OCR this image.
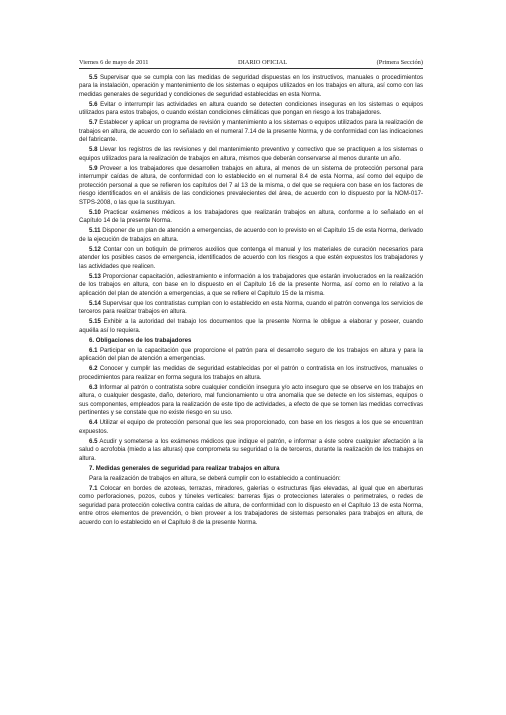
Viernes 6 de mayo de 2011	DIARIO OFICIAL	(Primera Sección)

5.5 Supervisar que se cumpla con las medidas de seguridad dispuestas en los instructivos, manuales o procedimientos para la instalación, operación y mantenimiento de los sistemas o equipos utilizados en los trabajos en altura, así como con las medidas generales de seguridad y condiciones de seguridad establecidas en esta Norma.

5.6 Evitar o interrumpir las actividades en altura cuando se detecten condiciones inseguras en los sistemas o equipos utilizados para estos trabajos, o cuando existan condiciones climáticas que pongan en riesgo a los trabajadores.

5.7 Establecer y aplicar un programa de revisión y mantenimiento a los sistemas o equipos utilizados para la realización de trabajos en altura, de acuerdo con lo señalado en el numeral 7.14 de la presente Norma, y de conformidad con las indicaciones del fabricante.

5.8 Llevar los registros de las revisiones y del mantenimiento preventivo y correctivo que se practiquen a los sistemas o equipos utilizados para la realización de trabajos en altura, mismos que deberán conservarse al menos durante un año.

5.9 Proveer a los trabajadores que desarrollen trabajos en altura, al menos de un sistema de protección personal para interrumpir caídas de altura, de conformidad con lo establecido en el numeral 8.4 de esta Norma, así como del equipo de protección personal a que se refieren los capítulos del 7 al 13 de la misma, o del que se requiera con base en los factores de riesgo identificados en el análisis de las condiciones prevalecientes del área, de acuerdo con lo dispuesto por la NOM-017-STPS-2008, o las que la sustituyan.

5.10 Practicar exámenes médicos a los trabajadores que realizarán trabajos en altura, conforme a lo señalado en el Capítulo 14 de la presente Norma.

5.11 Disponer de un plan de atención a emergencias, de acuerdo con lo previsto en el Capítulo 15 de esta Norma, derivado de la ejecución de trabajos en altura.

5.12 Contar con un botiquín de primeros auxilios que contenga el manual y los materiales de curación necesarios para atender los posibles casos de emergencia, identificados de acuerdo con los riesgos a que estén expuestos los trabajadores y las actividades que realicen.

5.13 Proporcionar capacitación, adiestramiento e información a los trabajadores que estarán involucrados en la realización de los trabajos en altura, con base en lo dispuesto en el Capítulo 16 de la presente Norma, así como en lo relativo a la aplicación del plan de atención a emergencias, a que se refiere el Capítulo 15 de la misma.

5.14 Supervisar que los contratistas cumplan con lo establecido en esta Norma, cuando el patrón convenga los servicios de terceros para realizar trabajos en altura.

5.15 Exhibir a la autoridad del trabajo los documentos que la presente Norma le obligue a elaborar y poseer, cuando aquélla así lo requiera.

6. Obligaciones de los trabajadores

6.1 Participar en la capacitación que proporcione el patrón para el desarrollo seguro de los trabajos en altura y para la aplicación del plan de atención a emergencias.

6.2 Conocer y cumplir las medidas de seguridad establecidas por el patrón o contratista en los instructivos, manuales o procedimientos para realizar en forma segura los trabajos en altura.

6.3 Informar al patrón o contratista sobre cualquier condición insegura y/o acto inseguro que se observe en los trabajos en altura, o cualquier desgaste, daño, deterioro, mal funcionamiento u otra anomalía que se detecte en los sistemas, equipos o sus componentes, empleados para la realización de este tipo de actividades, a efecto de que se tomen las medidas correctivas pertinentes y se constate que no existe riesgo en su uso.

6.4 Utilizar el equipo de protección personal que les sea proporcionado, con base en los riesgos a los que se encuentran expuestos.

6.5 Acudir y someterse a los exámenes médicos que indique el patrón, e informar a éste sobre cualquier afectación a la salud o acrofobia (miedo a las alturas) que comprometa su seguridad o la de terceros, durante la realización de los trabajos en altura.

7. Medidas generales de seguridad para realizar trabajos en altura

Para la realización de trabajos en altura, se deberá cumplir con lo establecido a continuación:

7.1 Colocar en bordes de azoteas, terrazas, miradores, galerías o estructuras fijas elevadas, al igual que en aberturas como perforaciones, pozos, cubos y túneles verticales: barreras fijas o protecciones laterales o perimetrales, o redes de seguridad para protección colectiva contra caídas de altura, de conformidad con lo dispuesto en el Capítulo 13 de esta Norma, entre otros elementos de prevención, o bien proveer a los trabajadores de sistemas personales para trabajos en altura, de acuerdo con lo establecido en el Capítulo 8 de la presente Norma.
